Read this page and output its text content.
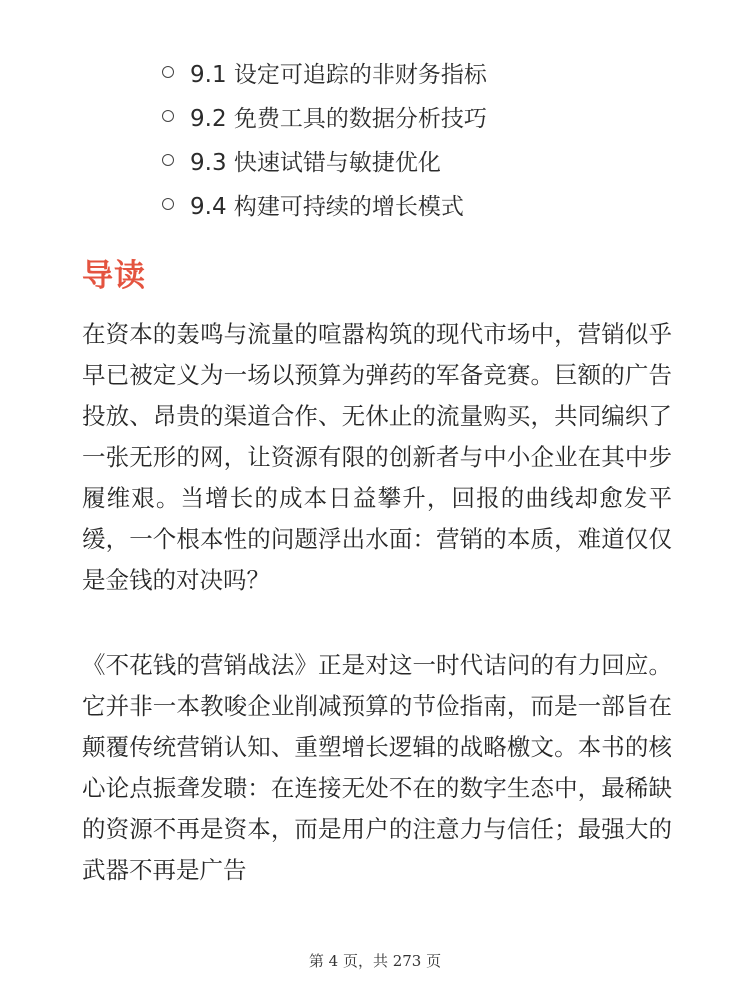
9.1 设定可追踪的非财务指标
9.2 免费工具的数据分析技巧
9.3 快速试错与敏捷优化
9.4 构建可持续的增长模式
导读

在资本的轰鸣与流量的喧嚣构筑的现代市场中，营销似乎早已被定义为一场以预算为弹药的军备竞赛。巨额的广告投放、昂贵的渠道合作、无休止的流量购买，共同编织了一张无形的网，让资源有限的创新者与中小企业在其中步履维艰。当增长的成本日益攀升，回报的曲线却愈发平缓，一个根本性的问题浮出水面：营销的本质，难道仅仅是金钱的对决吗？

《不花钱的营销战法》正是对这一时代诘问的有力回应。它并非一本教唆企业削减预算的节俭指南，而是一部旨在颠覆传统营销认知、重塑增长逻辑的战略檄文。本书的核心论点振聋发聩：在连接无处不在的数字生态中，最稀缺的资源不再是资本，而是用户的注意力与信任；最强大的武器不再是广告

第 4 页，共 273 页
